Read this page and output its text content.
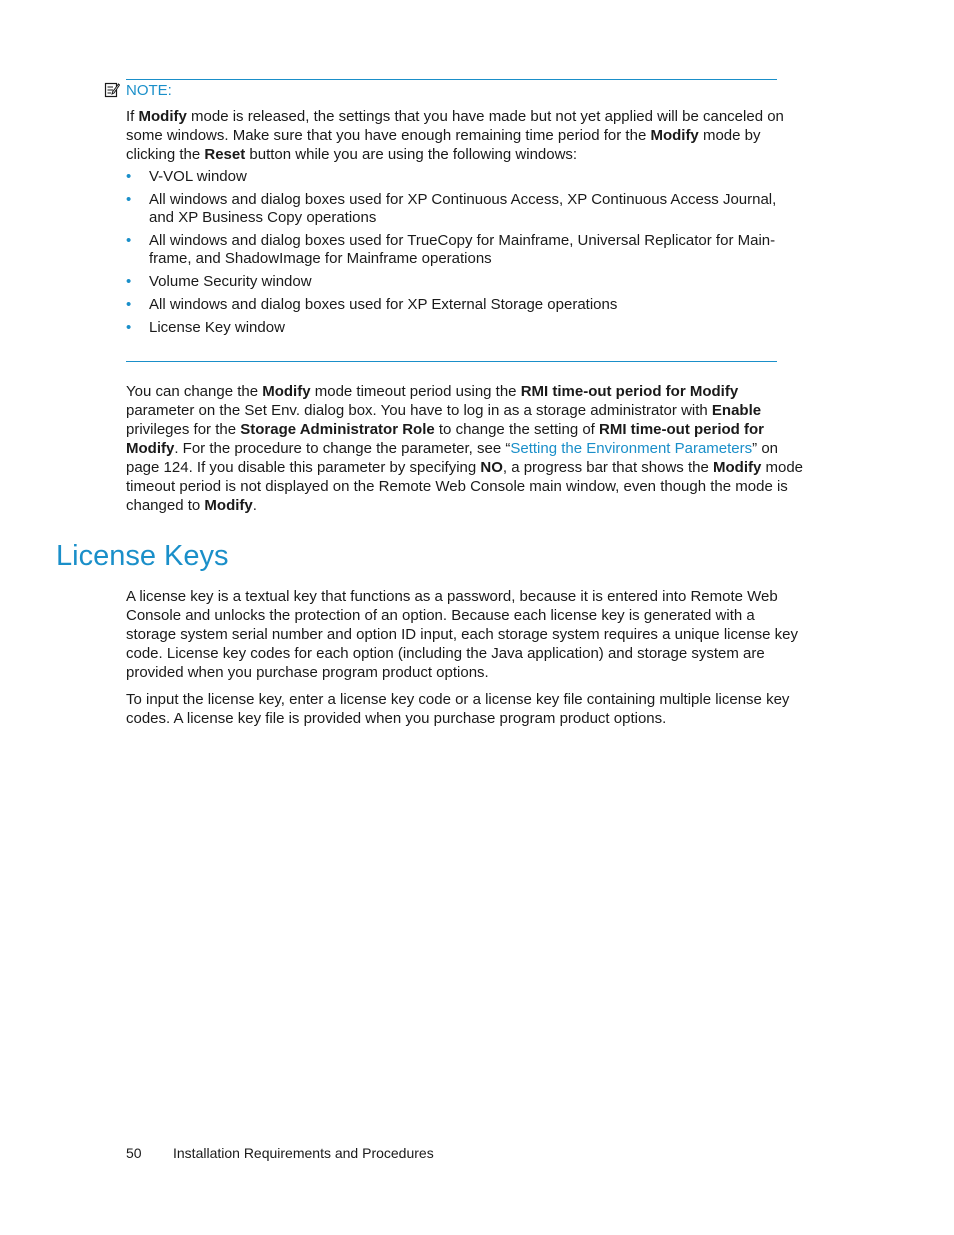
NOTE:

If Modify mode is released, the settings that you have made but not yet applied will be canceled on some windows. Make sure that you have enough remaining time period for the Modify mode by clicking the Reset button while you are using the following windows:

• V-VOL window
• All windows and dialog boxes used for XP Continuous Access, XP Continuous Access Journal, and XP Business Copy operations
• All windows and dialog boxes used for TrueCopy for Mainframe, Universal Replicator for Main-frame, and ShadowImage for Mainframe operations
• Volume Security window
• All windows and dialog boxes used for XP External Storage operations
• License Key window

You can change the Modify mode timeout period using the RMI time-out period for Modify parameter on the Set Env. dialog box. You have to log in as a storage administrator with Enable privileges for the Storage Administrator Role to change the setting of RMI time-out period for Modify. For the procedure to change the parameter, see “Setting the Environment Parameters” on page 124. If you disable this parameter by specifying NO, a progress bar that shows the Modify mode timeout period is not displayed on the Remote Web Console main window, even though the mode is changed to Modify.

License Keys

A license key is a textual key that functions as a password, because it is entered into Remote Web Console and unlocks the protection of an option. Because each license key is generated with a storage system serial number and option ID input, each storage system requires a unique license key code. License key codes for each option (including the Java application) and storage system are provided when you purchase program product options.

To input the license key, enter a license key code or a license key file containing multiple license key codes. A license key file is provided when you purchase program product options.

50 Installation Requirements and Procedures
